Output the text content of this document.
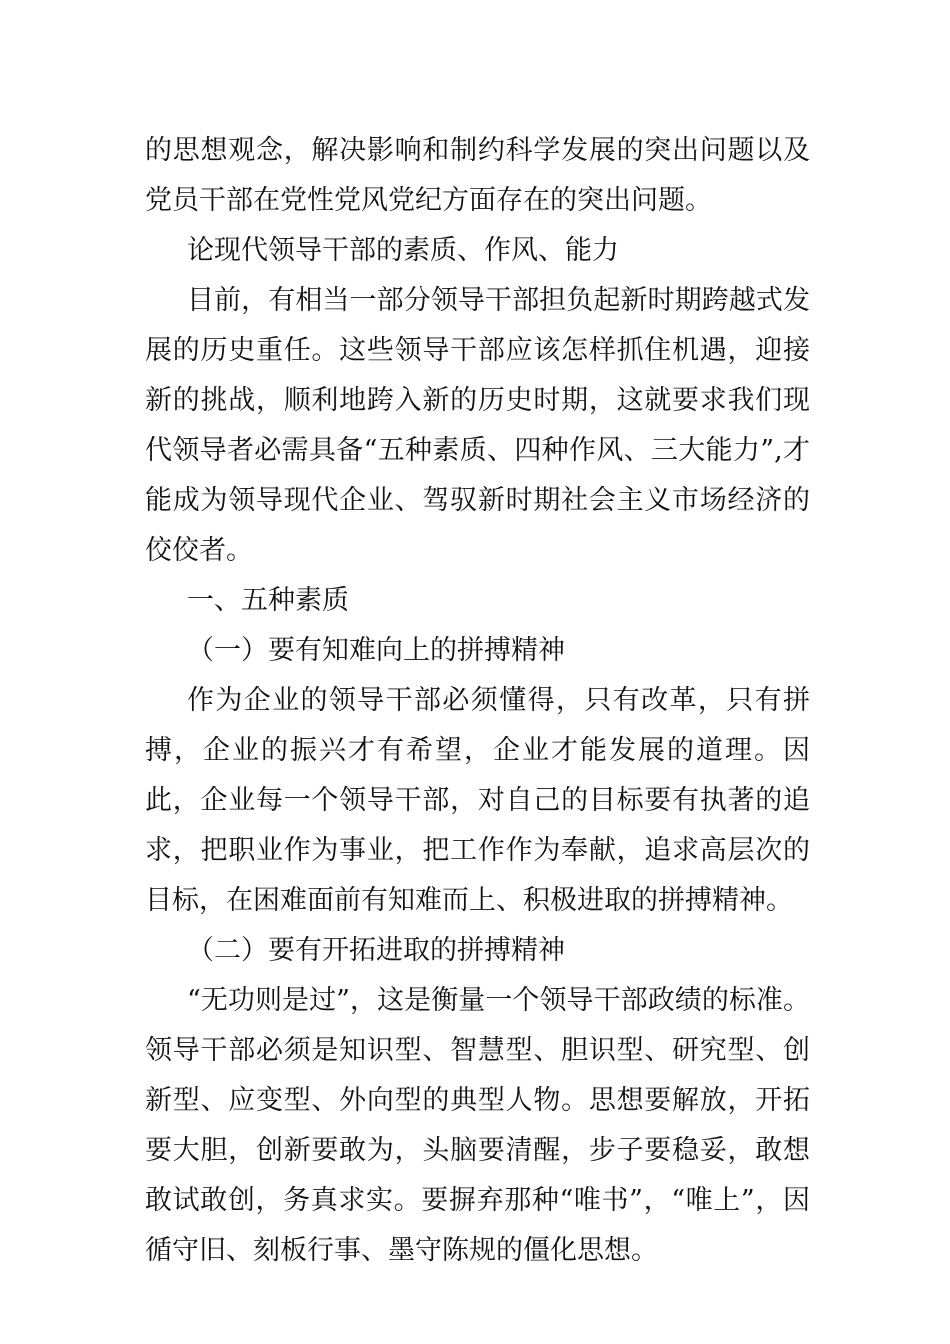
的思想观念，解决影响和制约科学发展的突出问题以及党员干部在党性党风党纪方面存在的突出问题。

论现代领导干部的素质、作风、能力

目前，有相当一部分领导干部担负起新时期跨越式发展的历史重任。这些领导干部应该怎样抓住机遇，迎接新的挑战，顺利地跨入新的历史时期，这就要求我们现代领导者必需具备“五种素质、四种作风、三大能力”,才能成为领导现代企业、驾驭新时期社会主义市场经济的佼佼者。

一、五种素质

（一）要有知难向上的拼搏精神

作为企业的领导干部必须懂得，只有改革，只有拼搏，企业的振兴才有希望，企业才能发展的道理。因此，企业每一个领导干部，对自己的目标要有执著的追求，把职业作为事业，把工作作为奉献，追求高层次的目标，在困难面前有知难而上、积极进取的拼搏精神。

（二）要有开拓进取的拼搏精神

“无功则是过”，这是衡量一个领导干部政绩的标准。领导干部必须是知识型、智慧型、胆识型、研究型、创新型、应变型、外向型的典型人物。思想要解放，开拓要大胆，创新要敢为，头脑要清醒，步子要稳妥，敢想敢试敢创，务真求实。要摒弃那种“唯书”，“唯上”，因循守旧、刻板行事、墨守陈规的僵化思想。
